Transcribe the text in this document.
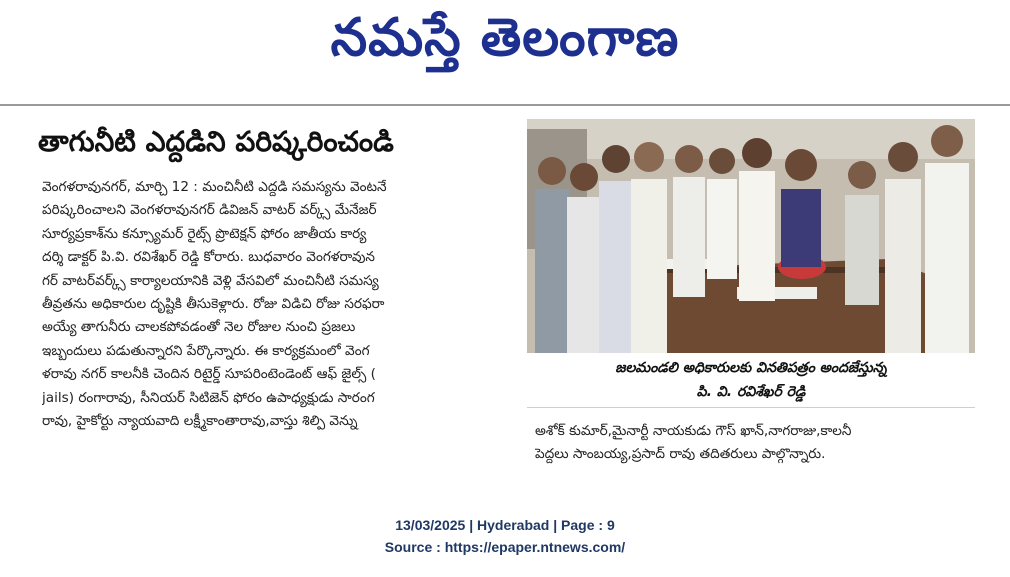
నమస్తే తెలంగాణ
తాగునీటి ఎద్దడిని పరిష్కరించండి
వెంగళరావునగర్, మార్చి 12 : మంచినీటి ఎద్దడి సమస్యను వెంటనే
పరిష్కరించాలని వెంగళరావునగర్ డివిజన్ వాటర్ వర్క్స్ మేనేజర్
సూర్యప్రకాశ్‌ను కన్స్యూమర్ రైట్స్ ప్రొటెక్షన్ ఫోరం జాతీయ కార్య
దర్శి డాక్టర్ పి.వి. రవిశేఖర్ రెడ్డి కోరారు. బుధవారం వెంగళరావున
గర్ వాటర్‌వర్క్స్ కార్యాలయానికి వెళ్లి వేసవిలో మంచినీటి సమస్య
తీవ్రతను అధికారుల దృష్టికి తీసుకెళ్లారు. రోజు విడిచి రోజు సరఫరా
అయ్యే తాగునీరు చాలకపోవడంతో నెల రోజుల నుంచి ప్రజలు
ఇబ్బందులు పడుతున్నారని పేర్కొన్నారు. ఈ కార్యక్రమంలో వెంగ
ళరావు నగర్ కాలనీకి చెందిన రిటైర్డ్ సూపరింటెండెంట్ ఆఫ్ జైల్స్ (
jails) రంగారావు, సీనియర్ సిటిజెన్ ఫోరం ఉపాధ్యక్షుడు సారంగ
రావు, హైకోర్టు న్యాయవాది లక్ష్మీకాంతారావు,వాస్తు శిల్పి వెన్ను
జలమండలి అధికారులకు వినతిపత్రం అందజేస్తున్న
పి. వి. రవిశేఖర్ రెడ్డి
అశోక్ కుమార్,మైనార్టీ నాయకుడు గౌస్ ఖాన్,నాగరాజు,కాలనీ
పెద్దలు సాంబయ్య,ప్రసాద్ రావు తదితరులు పాల్గొన్నారు.
13/03/2025 | Hyderabad | Page : 9
Source : https://epaper.ntnews.com/
